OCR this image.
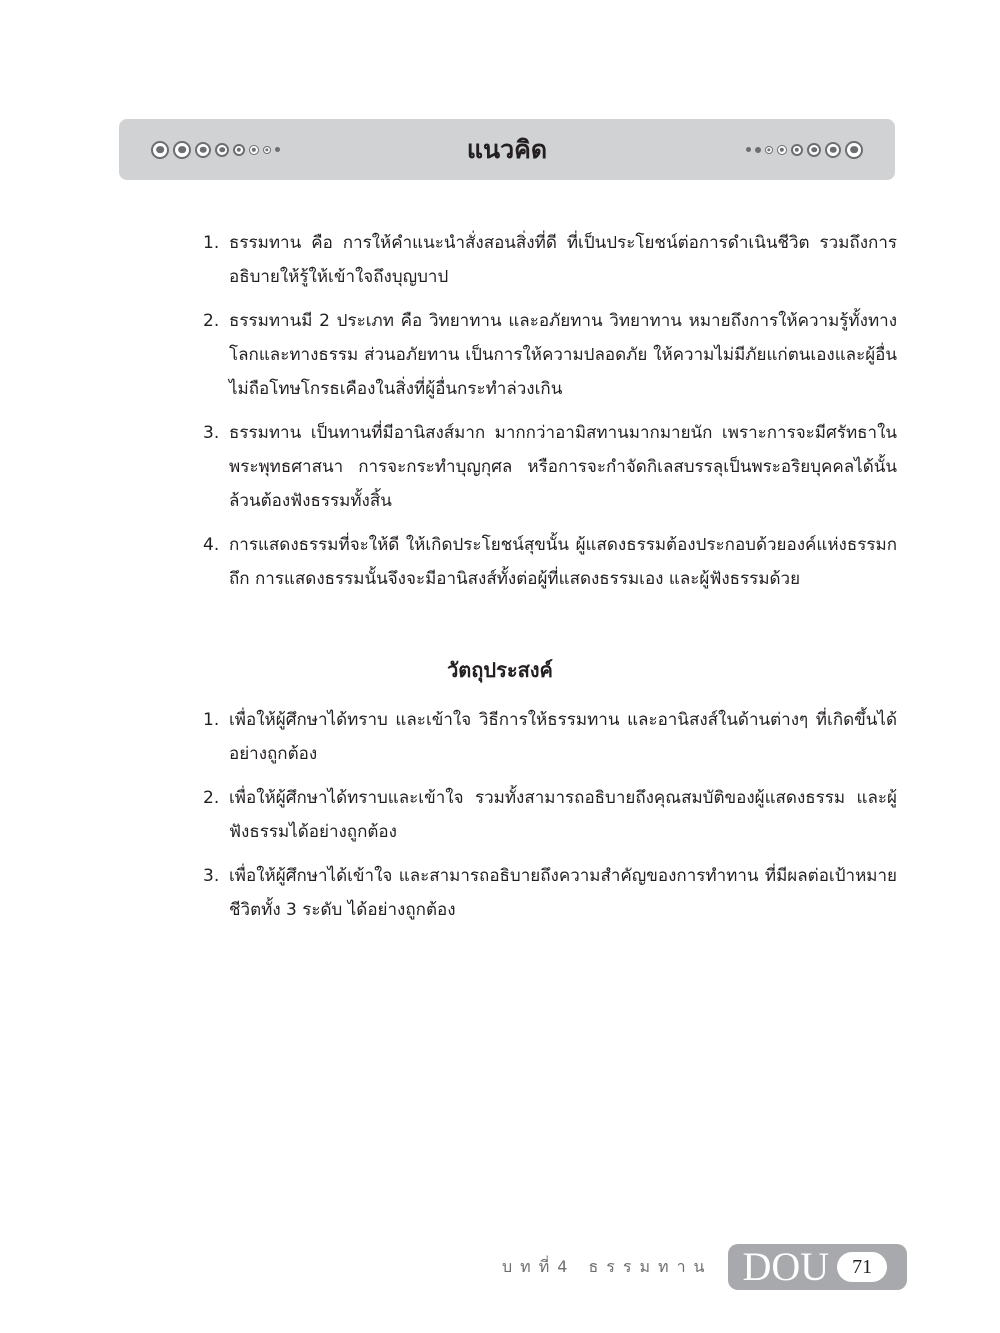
แนวคิด
1. ธรรมทาน คือ การให้คำแนะนำสั่งสอนสิ่งที่ดี ที่เป็นประโยชน์ต่อการดำเนินชีวิต รวมถึงการอธิบายให้รู้ให้เข้าใจถึงบุญบาป
2. ธรรมทานมี 2 ประเภท คือ วิทยาทาน และอภัยทาน วิทยาทาน หมายถึงการให้ความรู้ทั้งทางโลกและทางธรรม ส่วนอภัยทาน เป็นการให้ความปลอดภัย ให้ความไม่มีภัยแก่ตนเองและผู้อื่น ไม่ถือโทษโกรธเคืองในสิ่งที่ผู้อื่นกระทำล่วงเกิน
3. ธรรมทาน เป็นทานที่มีอานิสงส์มาก มากกว่าอามิสทานมากมายนัก เพราะการจะมีศรัทธาในพระพุทธศาสนา การจะกระทำบุญกุศล หรือการจะกำจัดกิเลสบรรลุเป็นพระอริยบุคคลได้นั้น ล้วนต้องฟังธรรมทั้งสิ้น
4. การแสดงธรรมที่จะให้ดี ให้เกิดประโยชน์สุขนั้น ผู้แสดงธรรมต้องประกอบด้วยองค์แห่งธรรมกถึก การแสดงธรรมนั้นจึงจะมีอานิสงส์ทั้งต่อผู้ที่แสดงธรรมเอง และผู้ฟังธรรมด้วย
วัตถุประสงค์
1. เพื่อให้ผู้ศึกษาได้ทราบ และเข้าใจ วิธีการให้ธรรมทาน และอานิสงส์ในด้านต่างๆ ที่เกิดขึ้นได้อย่างถูกต้อง
2. เพื่อให้ผู้ศึกษาได้ทราบและเข้าใจ รวมทั้งสามารถอธิบายถึงคุณสมบัติของผู้แสดงธรรม และผู้ฟังธรรมได้อย่างถูกต้อง
3. เพื่อให้ผู้ศึกษาได้เข้าใจ และสามารถอธิบายถึงความสำคัญของการทำทาน ที่มีผลต่อเป้าหมายชีวิตทั้ง 3 ระดับ ได้อย่างถูกต้อง
บทที่4 ธรรมทาน DOU	71
